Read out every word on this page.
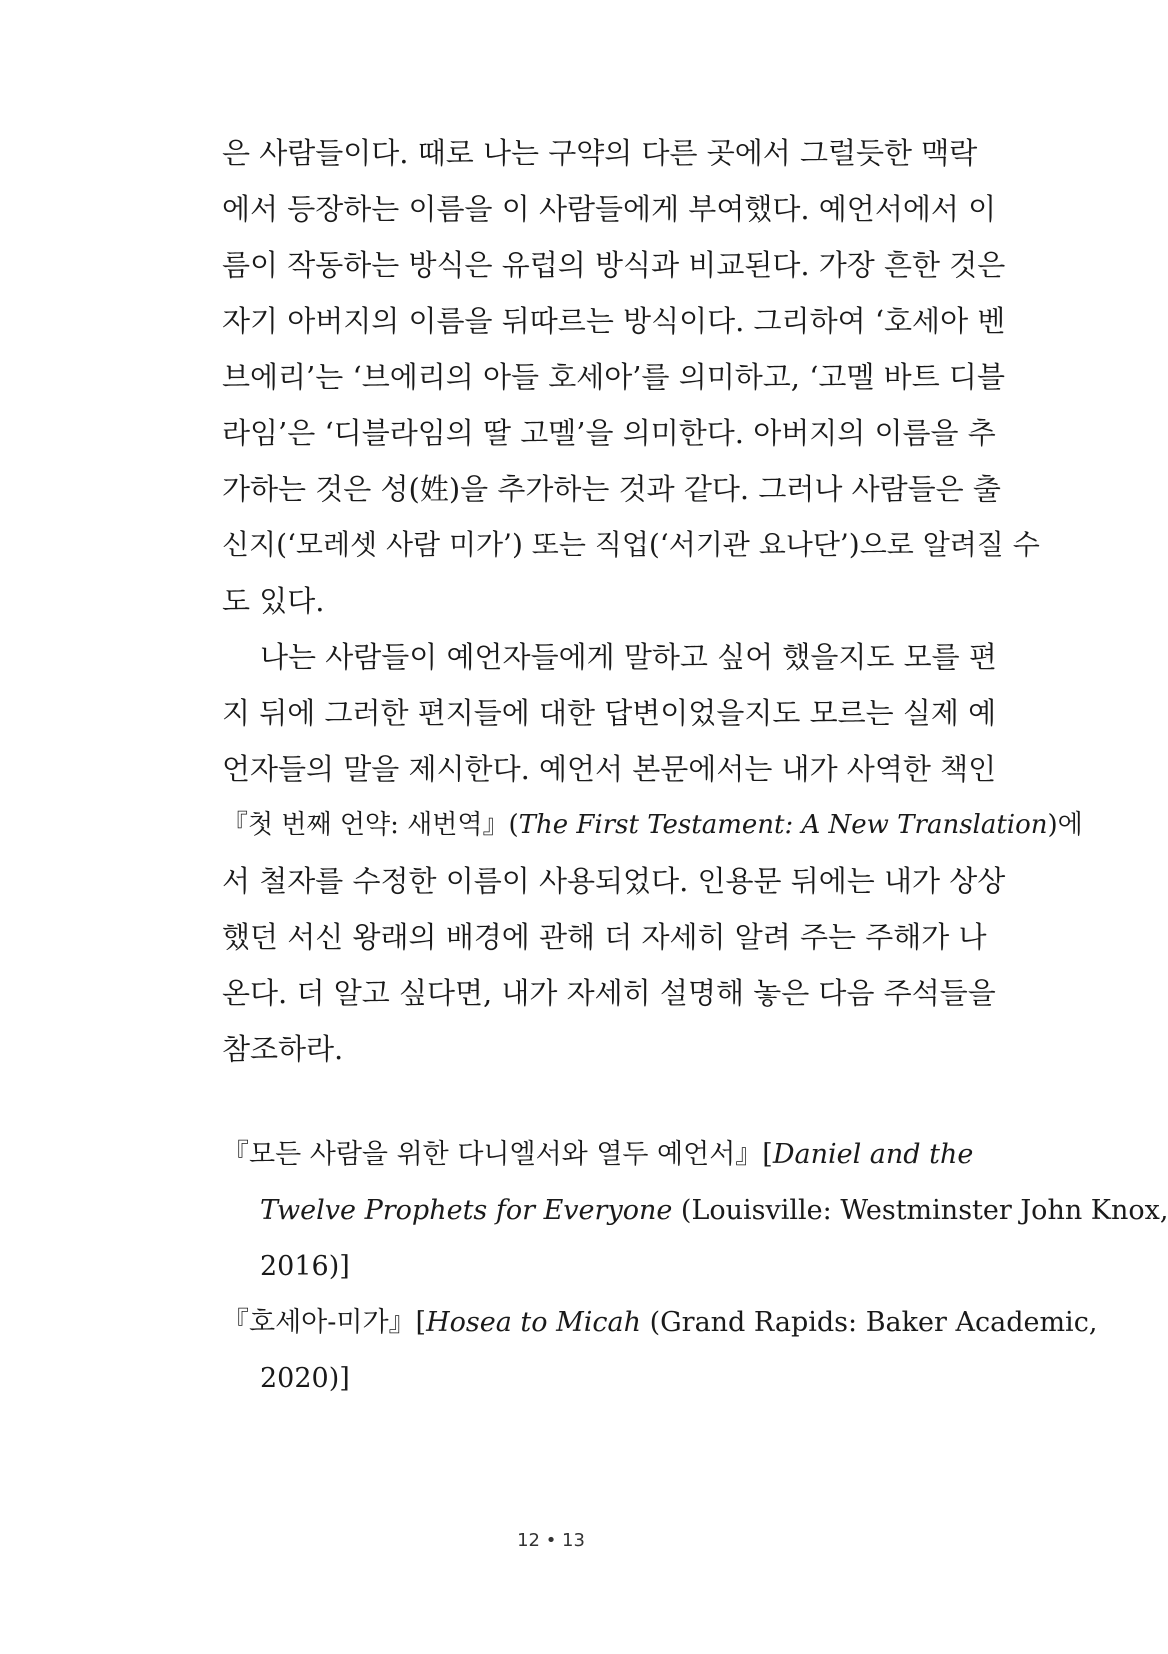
은 사람들이다. 때로 나는 구약의 다른 곳에서 그럴듯한 맥락
에서 등장하는 이름을 이 사람들에게 부여했다. 예언서에서 이
름이 작동하는 방식은 유럽의 방식과 비교된다. 가장 흔한 것은
자기 아버지의 이름을 뒤따르는 방식이다. 그리하여 ‘호세아 벤
브에리’는 ‘브에리의 아들 호세아’를 의미하고, ‘고멜 바트 디블
라임’은 ‘디블라임의 딸 고멜’을 의미한다. 아버지의 이름을 추
가하는 것은 성(姓)을 추가하는 것과 같다. 그러나 사람들은 출
신지(‘모레셋 사람 미가’) 또는 직업(‘서기관 요나단’)으로 알려질 수
도 있다.
나는 사람들이 예언자들에게 말하고 싶어 했을지도 모를 편
지 뒤에 그러한 편지들에 대한 답변이었을지도 모르는 실제 예
언자들의 말을 제시한다. 예언서 본문에서는 내가 사역한 책인
『첫 번째 언약: 새번역』(The First Testament: A New Translation)에
서 철자를 수정한 이름이 사용되었다. 인용문 뒤에는 내가 상상
했던 서신 왕래의 배경에 관해 더 자세히 알려 주는 주해가 나
온다. 더 알고 싶다면, 내가 자세히 설명해 놓은 다음 주석들을
참조하라.
『모든 사람을 위한 다니엘서와 열두 예언서』[Daniel and the
Twelve Prophets for Everyone (Louisville: Westminster John Knox,
2016)]
『호세아-미가』[Hosea to Micah (Grand Rapids: Baker Academic,
2020)]
12 • 13
